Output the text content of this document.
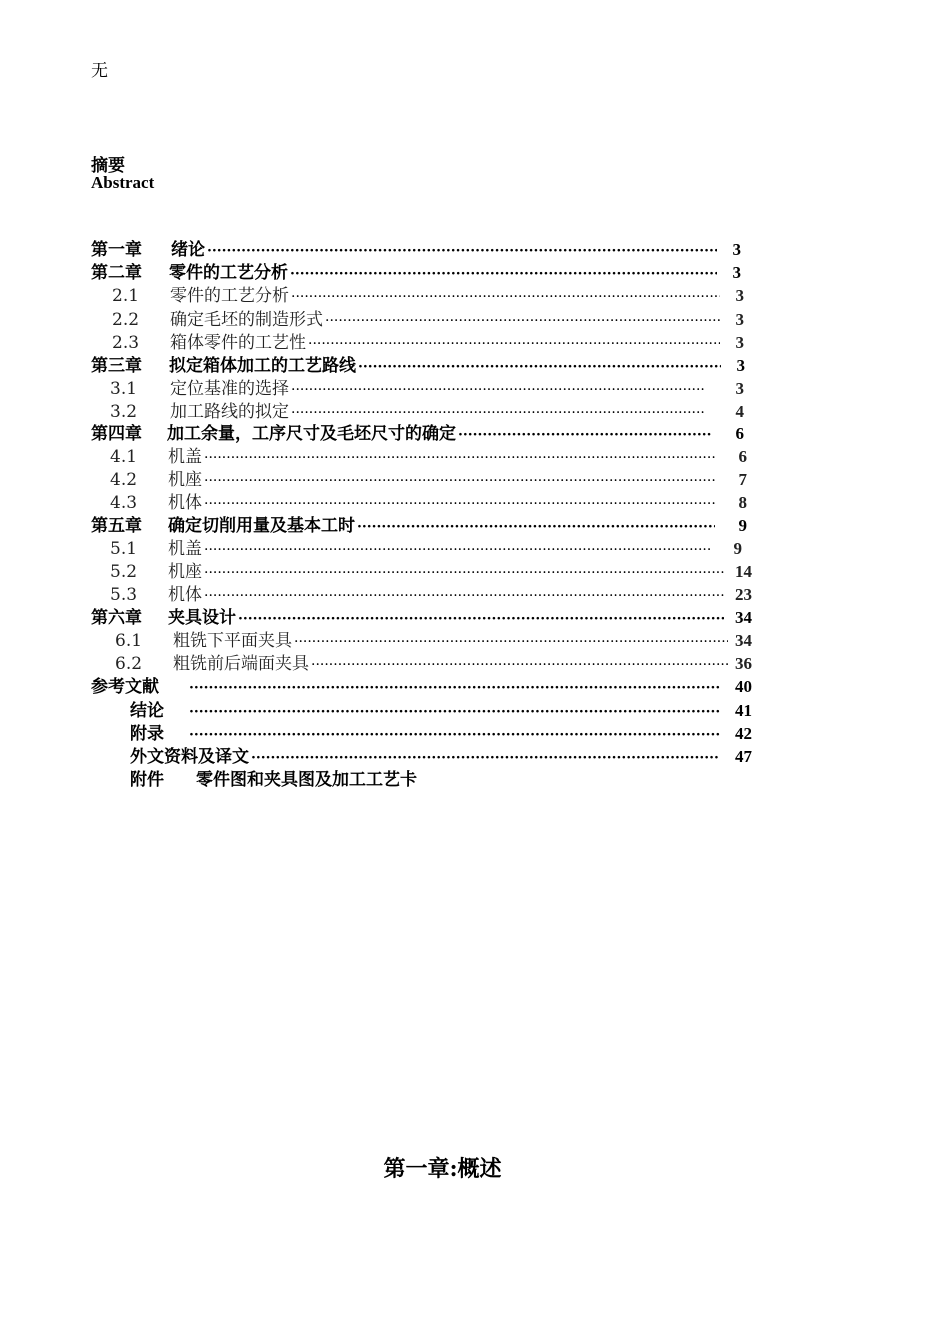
无
摘要
Abstract
第一章	绪论 ·····	3
第二章	零件的工艺分析 ·····	3
2.1	零件的工艺分析 ·····	3
2.2	确定毛坯的制造形式 ·····	3
2.3	箱体零件的工艺性 ·····	3
第三章	拟定箱体加工的工艺路线 ·····	3
3.1	定位基准的选择 ·····	3
3.2	加工路线的拟定 ·····	4
第四章	加工余量，工序尺寸及毛坯尺寸的确定 ·····	6
4.1	机盖 ·····	6
4.2	机座 ·····	7
4.3	机体 ·····	8
第五章	确定切削用量及基本工时 ·····	9
5.1	机盖 ·····	9
5.2	机座 ·····	14
5.3	机体 ·····	23
第六章	夹具设计 ·····	34
6.1	粗铣下平面夹具 ·····	34
6.2	粗铣前后端面夹具 ·····	36
参考文献 ·····	40
结论 ·····	41
附录 ·····	42
外文资料及译文 ·····	47
附件	零件图和夹具图及加工工艺卡
第一章:概述
